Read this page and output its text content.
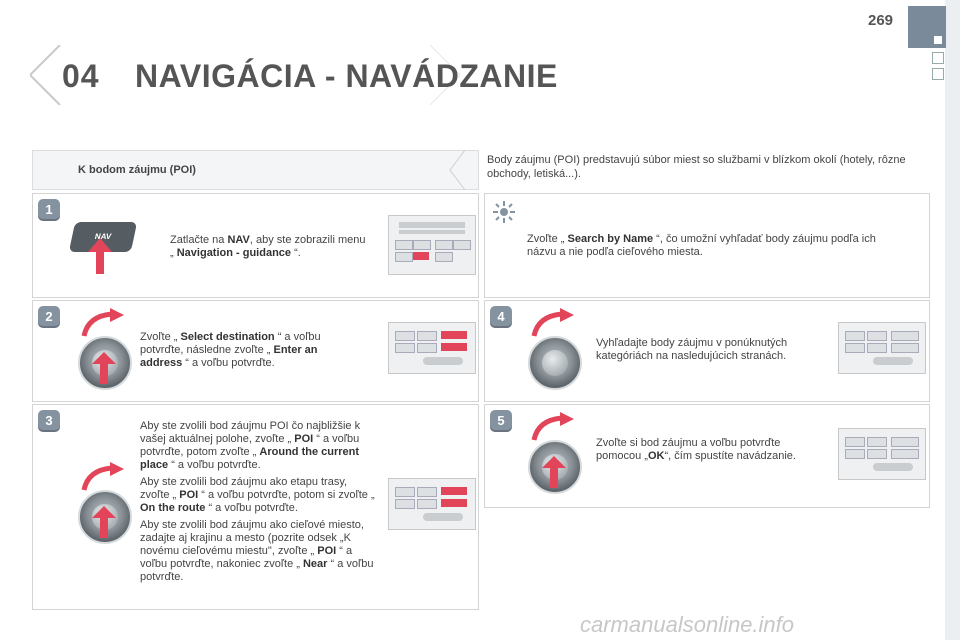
269
04 NAVIGÁCIA - NAVÁDZANIE
K bodom záujmu (POI)
Body záujmu (POI) predstavujú súbor miest so službami v blízkom okolí (hotely, rôzne obchody, letiská...).
1
NAV	Zatlačte na NAV, aby ste zobrazili menu „ Navigation - guidance “.
2
Zvoľte „ Select destination “ a voľbu potvrďte, následne zvoľte „ Enter an address “ a voľbu potvrďte.
3	Aby ste zvolili bod záujmu POI čo najbližšie k vašej aktuálnej polohe, zvoľte „ POI “ a voľbu potvrďte, potom zvoľte „ Around the current place “ a voľbu potvrďte.
Aby ste zvolili bod záujmu ako etapu trasy, zvoľte „ POI “ a voľbu potvrďte, potom si zvoľte „ On the route “ a voľbu potvrďte.
Aby ste zvolili bod záujmu ako cieľové miesto, zadajte aj krajinu a mesto (pozrite odsek „K novému cieľovému miestu", zvoľte „ POI “ a voľbu potvrďte, nakoniec zvoľte „ Near “ a voľbu potvrďte.
Zvoľte „ Search by Name “, čo umožní vyhľadať body záujmu podľa ich názvu a nie podľa cieľového miesta.
4
Vyhľadajte body záujmu v ponúknutých kategóriách na nasledujúcich stranách.
5
Zvoľte si bod záujmu a voľbu potvrďte pomocou „OK“, čím spustíte navádzanie.
carmanualsonline.info
